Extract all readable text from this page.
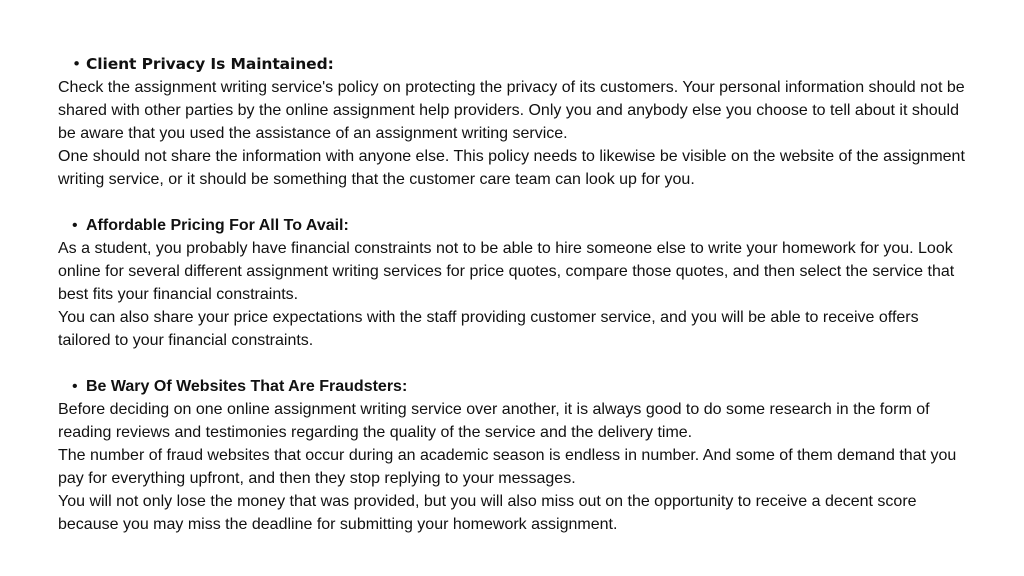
• Client Privacy Is Maintained:

Check the assignment writing service's policy on protecting the privacy of its customers. Your personal information should not be shared with other parties by the online assignment help providers. Only you and anybody else you choose to tell about it should be aware that you used the assistance of an assignment writing service.

One should not share the information with anyone else. This policy needs to likewise be visible on the website of the assignment writing service, or it should be something that the customer care team can look up for you.

• Affordable Pricing For All To Avail:

As a student, you probably have financial constraints not to be able to hire someone else to write your homework for you. Look online for several different assignment writing services for price quotes, compare those quotes, and then select the service that best fits your financial constraints.

You can also share your price expectations with the staff providing customer service, and you will be able to receive offers tailored to your financial constraints.

• Be Wary Of Websites That Are Fraudsters:

Before deciding on one online assignment writing service over another, it is always good to do some research in the form of reading reviews and testimonies regarding the quality of the service and the delivery time.

The number of fraud websites that occur during an academic season is endless in number. And some of them demand that you pay for everything upfront, and then they stop replying to your messages.

You will not only lose the money that was provided, but you will also miss out on the opportunity to receive a decent score because you may miss the deadline for submitting your homework assignment.
